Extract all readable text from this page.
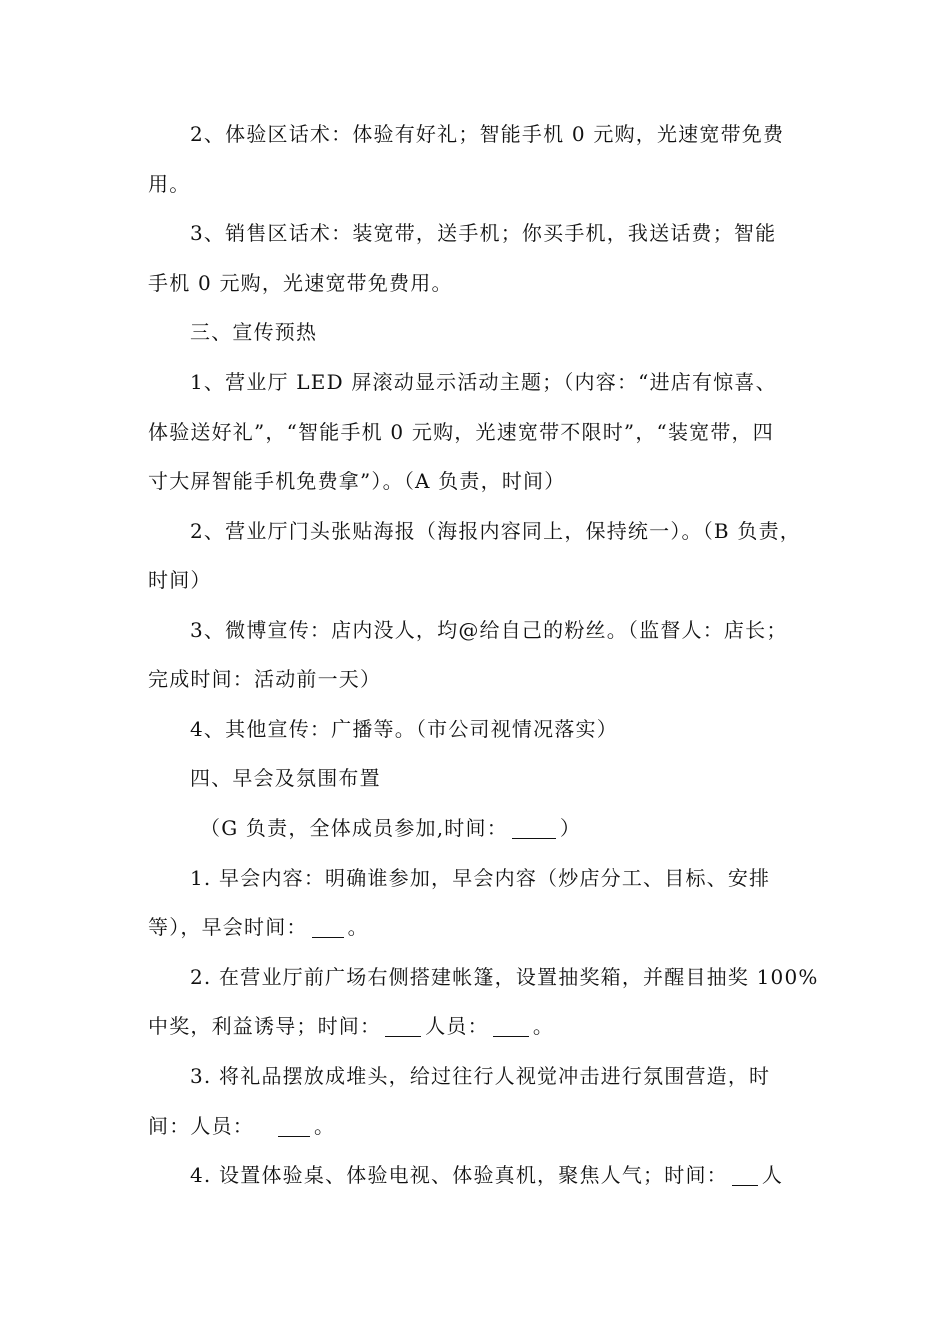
2、体验区话术：体验有好礼；智能手机 0 元购，光速宽带免费
用。
3、销售区话术：装宽带，送手机；你买手机，我送话费；智能
手机 0 元购，光速宽带免费用。
三、宣传预热
1、营业厅 LED 屏滚动显示活动主题；（内容：“进店有惊喜、
体验送好礼”，“智能手机 0 元购，光速宽带不限时”，“装宽带，四
寸大屏智能手机免费拿”）。（A 负责，时间）
2、营业厅门头张贴海报（海报内容同上，保持统一）。（B 负责，
时间）
3、微博宣传：店内没人，均@给自己的粉丝。（监督人：店长；
完成时间：活动前一天）
4、其他宣传：广播等。（市公司视情况落实）
四、早会及氛围布置
（G 负责，全体成员参加,时间：	）
1. 早会内容：明确谁参加，早会内容（炒店分工、目标、安排
等），早会时间： 。
2. 在营业厅前广场右侧搭建帐篷，设置抽奖箱，并醒目抽奖 100%
中奖，利益诱导；时间： 人员： 。
3. 将礼品摆放成堆头，给过往行人视觉冲击进行氛围营造，时
间：人员：	。
4. 设置体验桌、体验电视、体验真机，聚焦人气；时间： 人
